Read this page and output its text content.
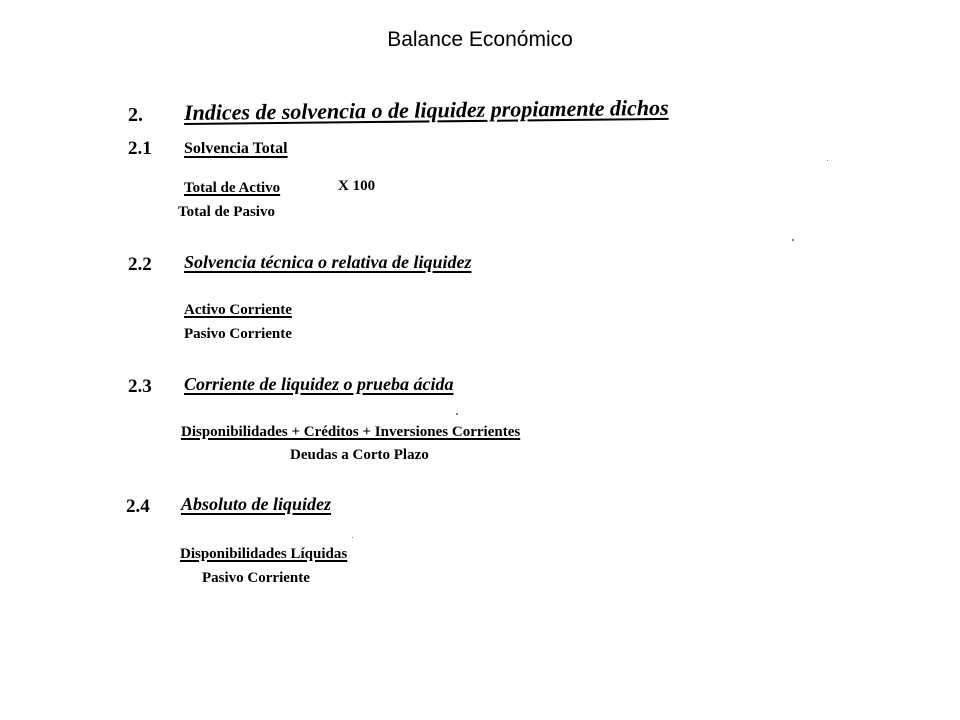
Balance Económico
2. Indices de solvencia o de liquidez propiamente dichos
2.1 Solvencia Total
Total de Activo	X 100
Total de Pasivo
2.2 Solvencia técnica o relativa de liquidez
Activo Corriente
Pasivo Corriente
2.3 Corriente de liquidez o prueba ácida
Disponibilidades + Créditos + Inversiones Corrientes
Deudas a Corto Plazo
2.4 Absoluto de liquidez
Disponibilidades Líquidas
Pasivo Corriente
